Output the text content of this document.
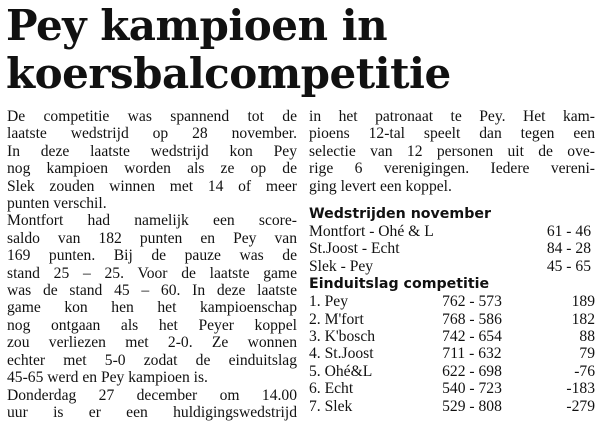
Pey kampioen in
koersbalcompetitie
De competitie was spannend tot de
laatste wedstrijd op 28 november.
In deze laatste wedstrijd kon Pey
nog kampioen worden als ze op de
Slek zouden winnen met 14 of meer
punten verschil.
Montfort had namelijk een score-
saldo van 182 punten en Pey van
169 punten. Bij de pauze was de
stand 25 – 25. Voor de laatste game
was de stand 45 – 60. In deze laatste
game kon hen het kampioenschap
nog ontgaan als het Peyer koppel
zou verliezen met 2-0. Ze wonnen
echter met 5-0 zodat de einduitslag
45-65 werd en Pey kampioen is.
Donderdag 27 december om 14.00
uur is er een huldigingswedstrijd
in het patronaat te Pey. Het kam-
pioens 12-tal speelt dan tegen een
selectie van 12 personen uit de ove-
rige 6 verenigingen. Iedere vereni-
ging levert een koppel.
Wedstrijden november
Montfort - Ohé & L	61 - 46
St.Joost - Echt	84 - 28
Slek - Pey	45 - 65
Einduitslag competitie
1. Pey	762 - 573	189
2. M'fort	768 - 586	182
3. K'bosch	742 - 654	88
4. St.Joost	711 - 632	79
5. Ohé&L	622 - 698	-76
6. Echt	540 - 723	-183
7. Slek	529 - 808	-279
